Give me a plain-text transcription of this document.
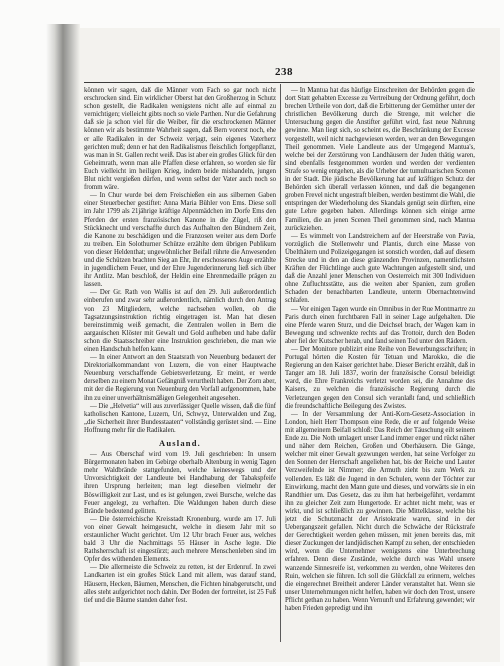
238

können wir sagen, daß die Männer vom Fach so gar noch nicht erschrocken sind. Ein wirklicher Oberst hat den Großherzog in Schutz schon gestellt, die Radikalen wenigstens nicht alle auf einmal zu vernichtigen; vielleicht gibts noch so viele Parthen. Nur die Gefahrung daß sie ja schon viel für die Weiber, für die erschrockenen Männer können wir als bestimmte Wahrheit sagen, daß Bern vorerst noch, ehe er alle Radikalen in der Schweiz verjagt, sein eigenes Vaterherz gerichten muß; denn er hat den Radikalismus fleischlich fortgepflanzt, was man in St. Gallen recht weiß. Das ist aber ein großes Glück für den Geheimrath, wenn man alle Pfaffen diese erfahren, so worden sie für Euch vielleicht im heiligen Krieg, indem beide mishandeln, jungen Blut nicht vergießen dürfen, und wenn selbst der Vater auch noch so fromm wäre.

— In Chur wurde bei dem Freischießen ein aus silbernen Gaben einer Steuerbecher gestiftet: Anna Maria Bühler von Ems. Diese soll im Jahr 1799 als 21jährige kräftige Alpenmädchen im Dorfe Ems den Pferden der ersten französischen Kanone in die Zügel, riß den Stückknecht und verschaffte durch das Aufhalten den Bündnern Zeit, die Kanone zu beschädigen und die Franzosen weiter aus dem Dorfe zu treiben. Ein Solothurner Schütze erzählte dem übrigen Publikum von dieser Heldenthat; ungewöhnlicher Beifall rührte die Anwesenden und die Schützen brachten Sieg an Ehr, ihr erschossenes Auge erzählte in jugendlichem Feuer, und der Ehre Jugenderinnerung ließ sich über ihr Antlitz. Man beschloß, der Heldin eine Ehrenmedaille prägen zu lassen.

— Der Gr. Rath von Wallis ist auf den 29. Juli außerordentlich einberufen und zwar sehr außerordentlich, nämlich durch den Antrag von 23 Mitgliedern, welche nachsehen wollen, ob die Tagsatzungsinstruktion richtig eingetragen ist. Man hat diesen bereinstimmig weiß gemacht, die Zentralen wollen in Bern die aargauischen Klöster mit Gewalt und Gold aufheben und habe dafür schon die Staatsschreiber eine Instruktion geschrieben, die man wie einen Handschuh helfen kann.

— In einer Antwort an den Staatsrath von Neuenburg bedauert der Direktorialkommandant von Luzern, die von einer Hauptwache Neuenburg verschaffende Gebietsverletzung. Er meint, er werde derselben zu einem Monat Gefängniß verurtheilt haben. Der Zorn aber, mit der die Regierung von Neuenburg den Vorfall aufgenommen, habe ihn zu einer unverhältnismäßigen Gelegenheit angesehen.

— Die „Helvetia“ will aus zuverlässiger Quelle wissen, daß die fünf katholischen Kantone, Luzern, Uri, Schwyz, Unterwalden und Zug, „die Sicherheit ihrer Bundesstaaten“ vollständig gerüstet sind. — Eine Hoffnung mehr für die Radikalen.

Ausland.

— Aus Oberschaf wird vom 19. Juli geschrieben: In unsern Bürgermonaten haben im Gebirge oberhalb Altenburg in wenig Tagen mehr Waldbrände stattgefunden, welche keineswegs und der Unvorsichtigkeit der Landleute bei Handhabung der Tabakspfeife ihren Ursprung herleiten; man legt dieselben vielmehr der Böswilligkeit zur Last, und es ist gelungen, zwei Bursche, welche das Feuer angelegt, zu verhaften. Die Waldungen haben durch diese Brände bedeutend gelitten.

— Die österreichische Kreisstadt Kronenburg, wurde am 17. Juli von einer Gewalt heimgesucht, welche in diesem Jahr mit so erstaunlicher Wucht gerichtet. Um 12 Uhr brach Feuer aus, welches bald 3 Uhr die Nachmittags 55 Häuser in Asche legte. Die Rathsherrschaft ist eingestürzt; auch mehrere Menschenleben sind im Opfer des wüthenden Elements.

— Die allermeiste die Schweiz zu retten, ist der Erdenruf. In zwei Landkarten ist ein großes Stück Land mit allem, was darauf stand, Häusern, Hecken, Bäumen, Menschen, die Fichten hinabgerutscht, und alles steht aufgerichtet noch dahin. Der Boden der fortreitet, ist 25 Fuß tief und die Bäume standen daher fest.

— In Mantua hat das häufige Einschreiten der Behörden gegen die dort Statt gehabten Excesse zu Vertreibung der Ordnung geführt, doch brechen Urtheile von dort, daß die Erbitterung der Gemüther unter der christlichen Bevölkerung durch die Strenge, mit welcher die Untersuchung gegen die Anstifter geführt wird, fast neue Nahrung gewinne. Man liegt sich, so scheint es, die Beschränkung der Excesse vorgestellt, weil nicht nachgewiesen werden, wer an den Bewegungen Theil genommen. Viele Landleute aus der Umgegend Mantua's, welche bei der Zerstörung von Landhäusern der Juden thätig waren, sind ebenfalls festgenommen worden und werden der verdienten Strafe so wenig entgehen, als die Urheber der tumultuarischen Scenen in der Stadt. Die jüdische Bevölkerung hat auf kräftigen Schutz der Behörden sich überall verlassen können, und daß die begangenen groben Frevel nicht ungestraft bleiben, werden bestimmt die Wahl, die entspringen der Wiederholung des Skandals genügt sein dürften, eine gute Lehre gegeben haben. Allerdings können sich einige arme Familien, die an jenen Scenen Theil genommen sind, nach Mantua zurückziehen.

— Es wimmelt von Landstreichern auf der Heerstraße von Pavia, vorzüglich die Stellenwehr und Plantis, durch eine Masse von Übelthätern und Polizeigegangen ist sonstich worden, daß auf diesem Strecke und in den an diese gränzenden Provinzen, namentlichsten Kräften der Flüchtlinge auch gute Wachtungen aufgestellt sind, und daß die Anzahl jener Menschen von Oesterreich mit 300 Individuen ohne Zufluchtsstätte, aus die weiten aber Spanien, zum großen Schaden der benachbarten Landleute, unterm Obernachtenwind schlafen.

— Vor einigen Tagen wurde ein Omnibus in der Rue Montmartre zu Paris durch einen furchtbaren Fall in seiner Lage aufgehalten. Die eine Pferde waren Sturz, und die Deichsel brach, der Wagen kam in Bewegung und schwenkte rechts auf das Trottoir, durch den Boden aber fiel der Kutscher herab, und fand seinen Tod unter den Rädern.

— Der Monitore publizirt eine Reihe von Bewerbungsschriften; in Portugal hörten die Kosten für Tetuan und Marokko, die die Regierung an den Kaiser gerichtet habe. Dieser Bericht erzählt, daß in Tanger am 18. Juli 1837, worin der französische Consul beleidigt ward, die Ehre Frankreichs verletzt worden sei, die Annahme des Kaisers, zu welchen die französische Regierung durch die Verletzungen gegen den Consul sich veranlaßt fand, und schließlich die freundschaftliche Beilegung des Zwistes.

— In der Versammlung der Anti-Korn-Gesetz-Association in London, hielt Herr Thompson eine Rede, die er auf folgende Weise mit allgemeinem Beifall schloß: Das Reich der Täuschung eilt seinem Ende zu. Die Noth umlagert unser Land immer enger und rückt näher und näher dem Reichen, Großen und Oberhäusern. Die Gänge, welcher mit einer Gewalt gezwungen werden, hat seine Verfolger zu den Sonnen der Herrschaft angeliehen hat, bis der Reiche und Lauter Verzweifelnde ist Nimmer; die Armuth zieht bis zum Werk zu vollenden. Es läßt die Jugend in den Schulen, wenn der Töchter zur Einwirkung, macht den Mann gute und dieses, und vorwärts sie in ein Randthier um. Das Gesetz, das zu ihm hat herbeigeführt, verdammt ihn zu gleicher Zeit zum Hungertode. Er achtet nicht mehr, was er wirkt, und ist schließlich zu gewinnen. Die Mittelklasse, welche bis jetzt die Schutzmacht der Aristokratie waren, sind in der Uebergangszeit gefallen. Nicht durch die Schwäche der Rückstrafe der Gerechtigkeit werden gehen müssen, mit jenen bereits das, mit dieser Zuckungen der landjüdischen Kampf zu sehen, der entschieden wird, wenn die Unternehmer wenigstens eine Unterbrechung erfahren. Denn diese Zustände, welche durch was Wahl unsere wanzende Sinnesreife ist, verkommen zu werden, ohne Weiteres den Ruin, welchen sie führen. Ich soll die Glückfall zu erinnern, welches die eingerechnet Breitheit anderer Länder veranstaltet hat. Wenn sie unser Unternehmungen nicht helfen, haben wir doch den Trost, unsere Pflicht gethan zu haben. Wenn Vernunft und Erfahrung gewendet; wir haben Frieden gepredigt und ihn
